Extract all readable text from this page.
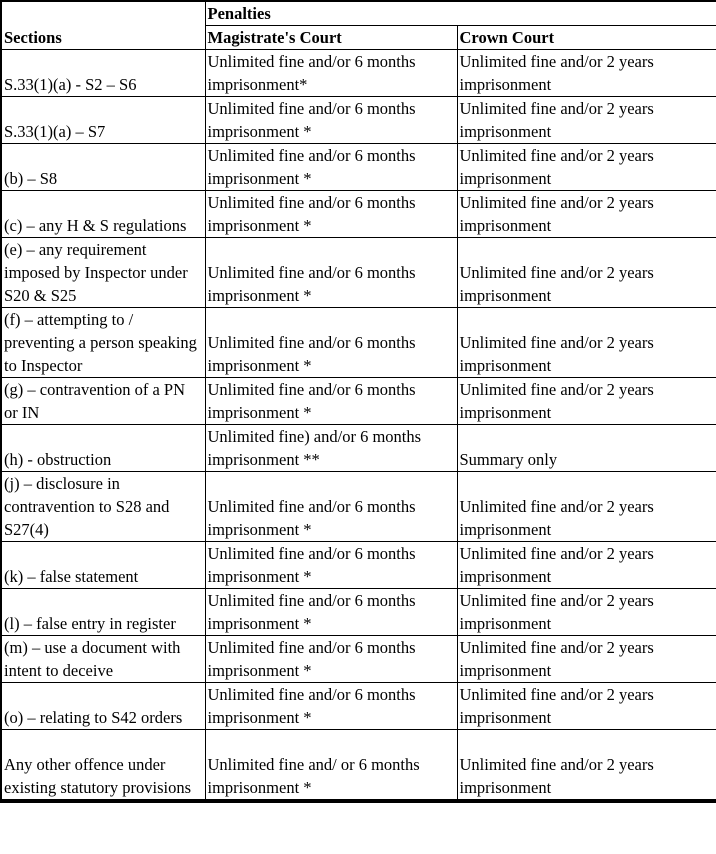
Sections	Penalties	
	Magistrate's Court	Crown Court
S.33(1)(a) - S2 – S6	Unlimited fine and/or 6 months imprisonment*	Unlimited fine and/or 2 years imprisonment
S.33(1)(a) – S7	Unlimited fine and/or 6 months imprisonment *	Unlimited fine and/or 2 years imprisonment
(b) – S8	Unlimited fine and/or 6 months imprisonment *	Unlimited fine and/or 2 years imprisonment
(c) – any H & S regulations	Unlimited fine and/or 6 months imprisonment *	Unlimited fine and/or 2 years imprisonment
(e) – any requirement imposed by Inspector under S20 & S25	Unlimited fine and/or 6 months imprisonment *	Unlimited fine and/or 2 years imprisonment
(f) – attempting to / preventing a person speaking to Inspector	Unlimited fine and/or 6 months imprisonment *	Unlimited fine and/or 2 years imprisonment
(g) – contravention of a PN or IN	Unlimited fine and/or 6 months imprisonment *	Unlimited fine and/or 2 years imprisonment
(h) - obstruction	Unlimited fine) and/or 6 months imprisonment **	Summary only
(j) – disclosure in contravention to S28 and S27(4)	Unlimited fine and/or 6 months imprisonment *	Unlimited fine and/or 2 years imprisonment
(k) – false statement	Unlimited fine and/or 6 months imprisonment *	Unlimited fine and/or 2 years imprisonment
(l) – false entry in register	Unlimited fine and/or 6 months imprisonment *	Unlimited fine and/or 2 years imprisonment
(m) – use a document with intent to deceive	Unlimited fine and/or 6 months imprisonment *	Unlimited fine and/or 2 years imprisonment
(o) – relating to S42 orders	Unlimited fine and/or 6 months imprisonment *	Unlimited fine and/or 2 years imprisonment
Any other offence under existing statutory provisions	Unlimited fine and/ or 6 months imprisonment *	Unlimited fine and/or 2 years imprisonment
